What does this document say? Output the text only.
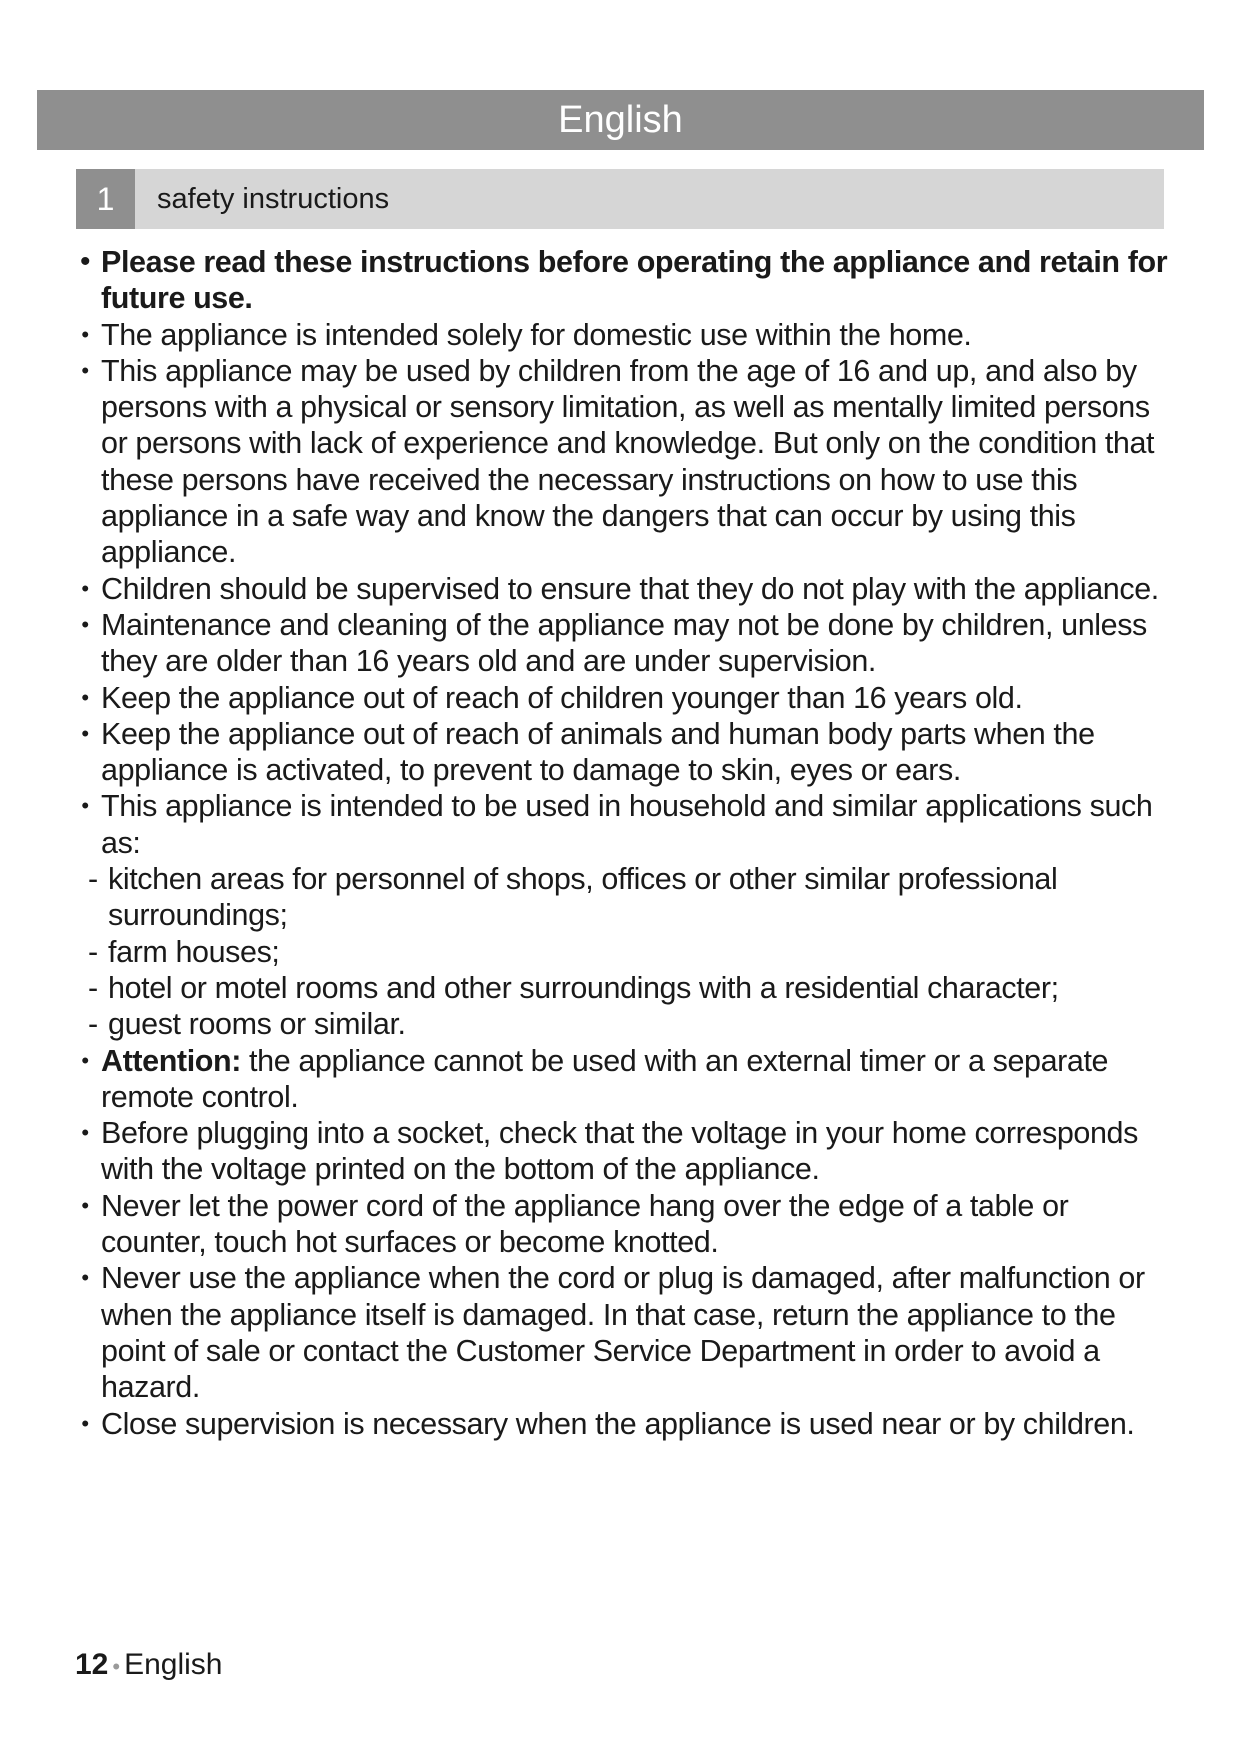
English
1	safety instructions
• Please read these instructions before operating the appliance and retain for future use.
• The appliance is intended solely for domestic use within the home.
• This appliance may be used by children from the age of 16 and up, and also by persons with a physical or sensory limitation, as well as mentally limited persons or persons with lack of experience and knowledge. But only on the condition that these persons have received the necessary instructions on how to use this appliance in a safe way and know the dangers that can occur by using this appliance.
• Children should be supervised to ensure that they do not play with the appliance.
• Maintenance and cleaning of the appliance may not be done by children, unless they are older than 16 years old and are under supervision.
• Keep the appliance out of reach of children younger than 16 years old.
• Keep the appliance out of reach of animals and human body parts when the appliance is activated, to prevent to damage to skin, eyes or ears.
• This appliance is intended to be used in household and similar applications such as:
- kitchen areas for personnel of shops, offices or other similar professional surroundings;
- farm houses;
- hotel or motel rooms and other surroundings with a residential character;
- guest rooms or similar.
• Attention: the appliance cannot be used with an external timer or a separate remote control.
• Before plugging into a socket, check that the voltage in your home corresponds with the voltage printed on the bottom of the appliance.
• Never let the power cord of the appliance hang over the edge of a table or counter, touch hot surfaces or become knotted.
• Never use the appliance when the cord or plug is damaged, after malfunction or when the appliance itself is damaged. In that case, return the appliance to the point of sale or contact the Customer Service Department in order to avoid a hazard.
• Close supervision is necessary when the appliance is used near or by children.
12 • English
